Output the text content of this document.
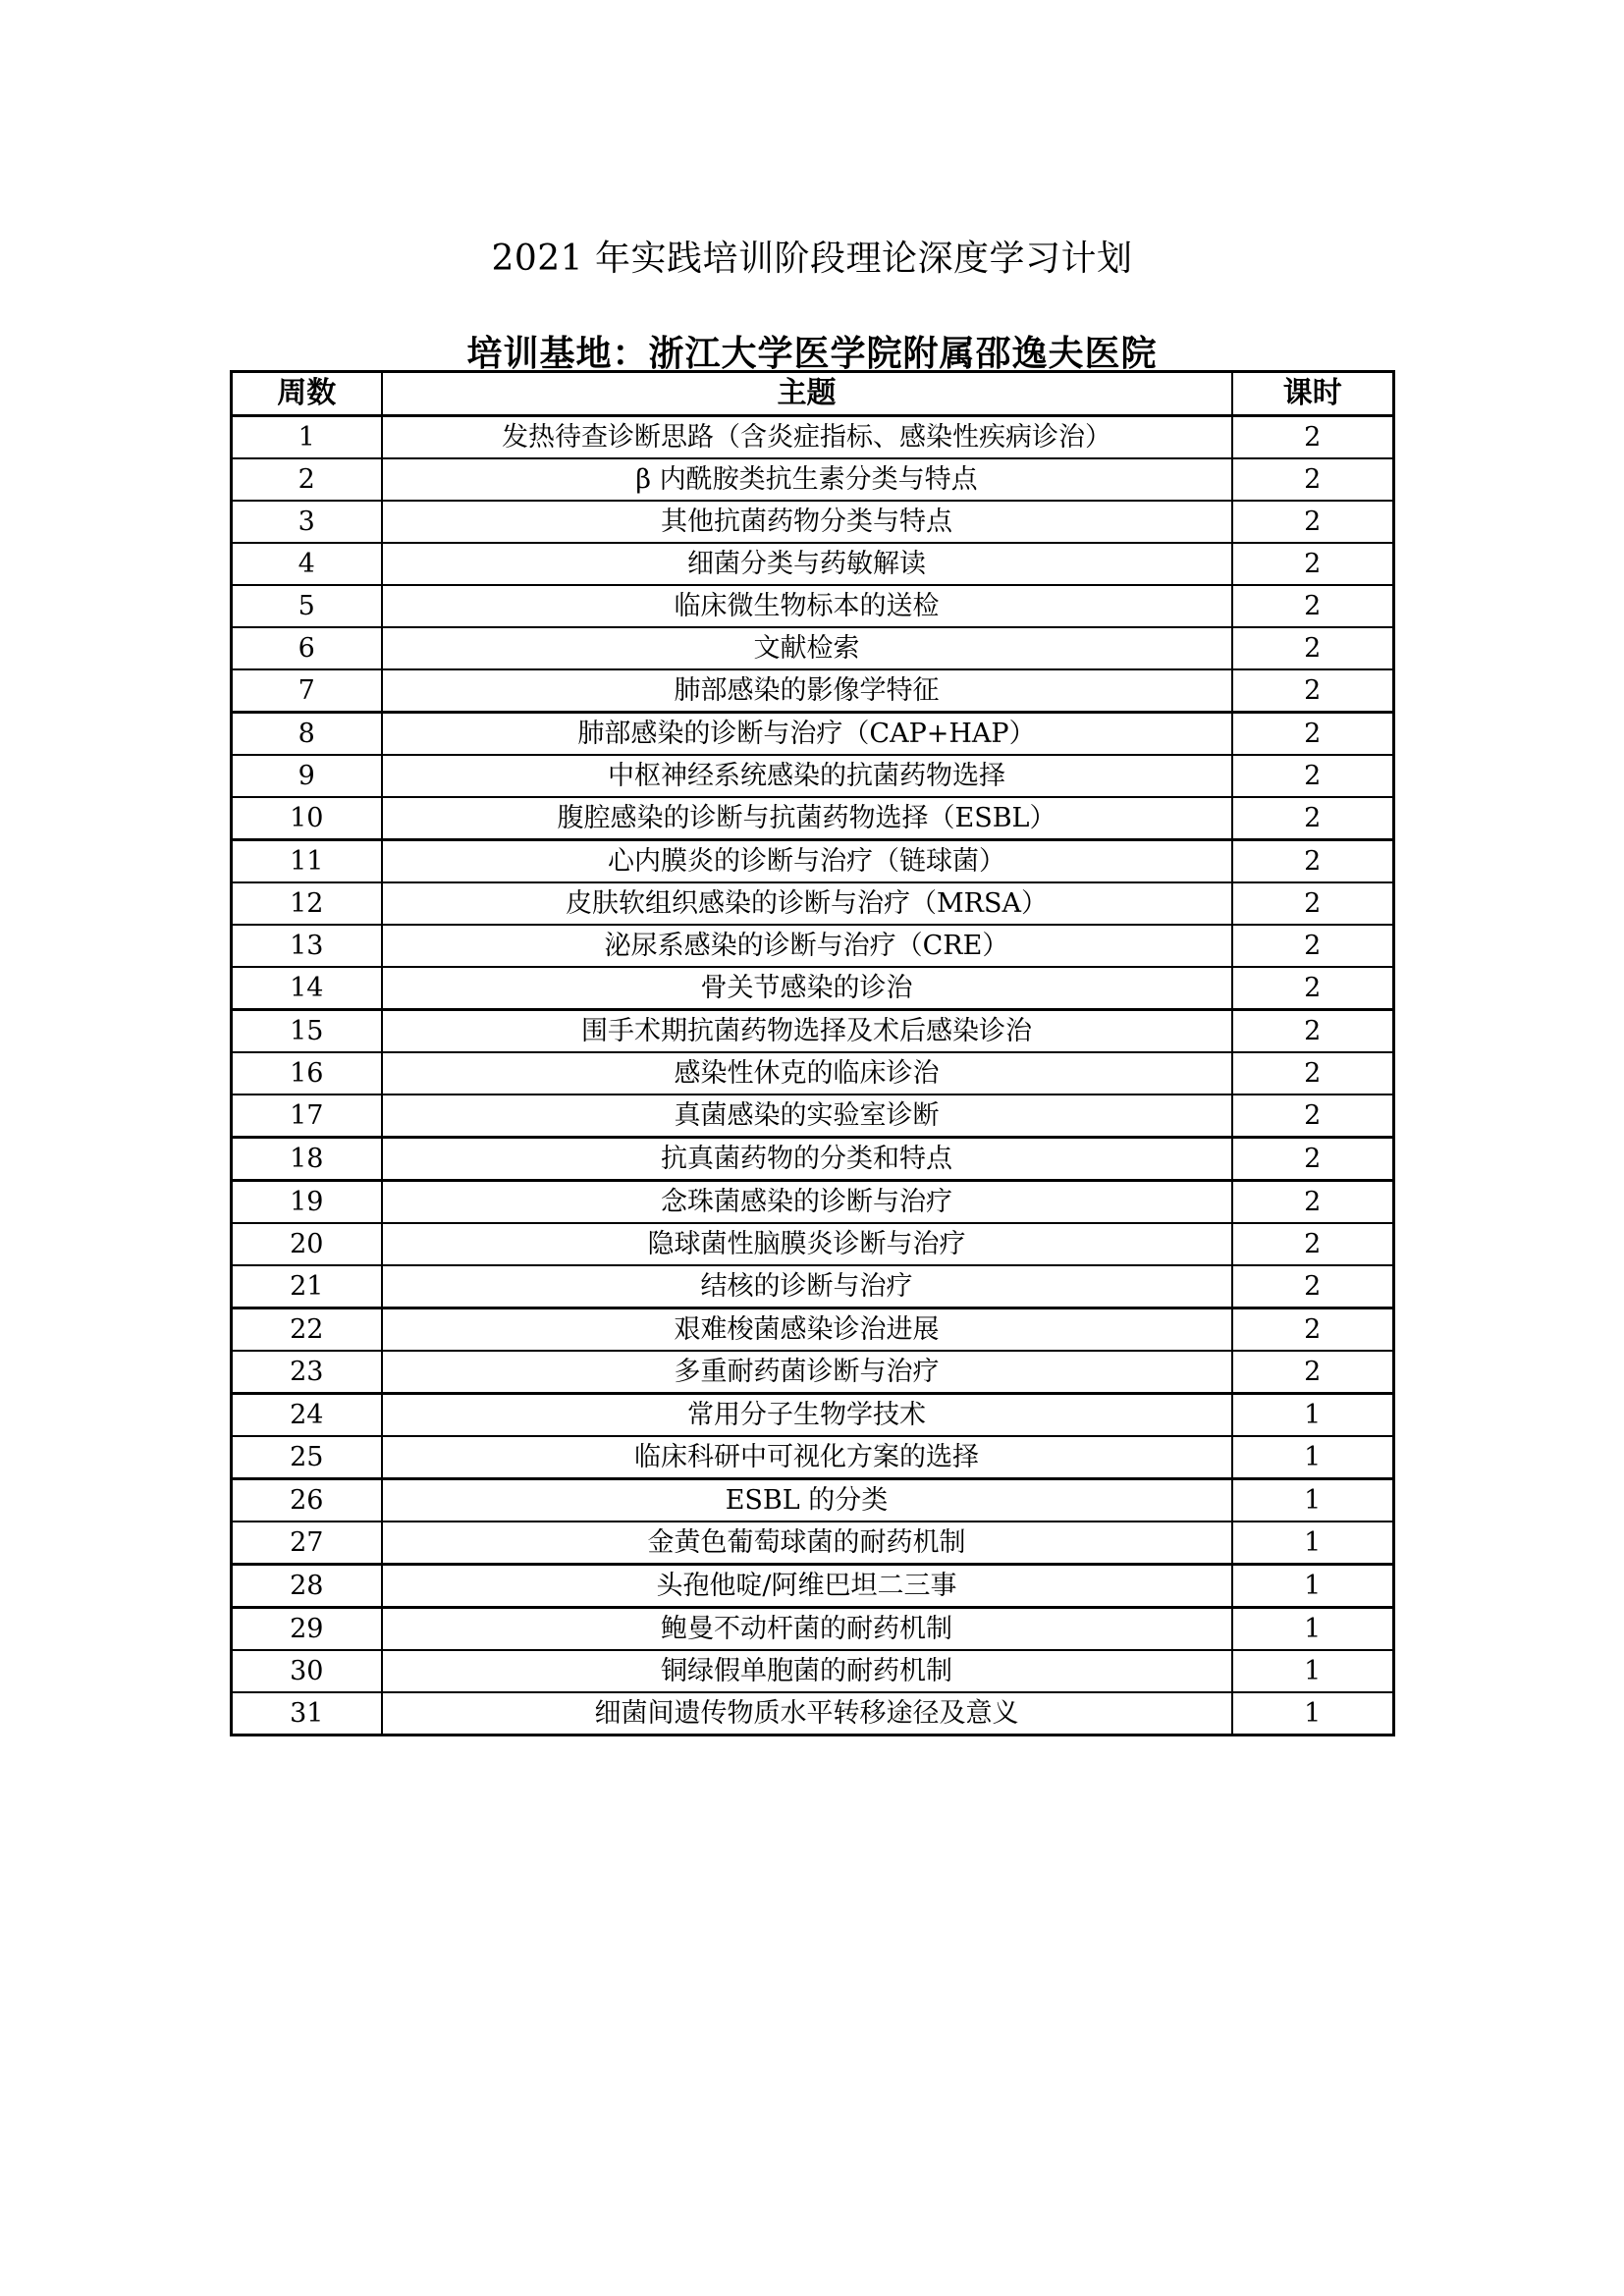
2021 年实践培训阶段理论深度学习计划
培训基地：浙江大学医学院附属邵逸夫医院
周数	主题	课时
1	发热待查诊断思路（含炎症指标、感染性疾病诊治）	2
2	β 内酰胺类抗生素分类与特点	2
3	其他抗菌药物分类与特点	2
4	细菌分类与药敏解读	2
5	临床微生物标本的送检	2
6	文献检索	2
7	肺部感染的影像学特征	2
8	肺部感染的诊断与治疗（CAP+HAP）	2
9	中枢神经系统感染的抗菌药物选择	2
10	腹腔感染的诊断与抗菌药物选择（ESBL）	2
11	心内膜炎的诊断与治疗（链球菌）	2
12	皮肤软组织感染的诊断与治疗（MRSA）	2
13	泌尿系感染的诊断与治疗（CRE）	2
14	骨关节感染的诊治	2
15	围手术期抗菌药物选择及术后感染诊治	2
16	感染性休克的临床诊治	2
17	真菌感染的实验室诊断	2
18	抗真菌药物的分类和特点	2
19	念珠菌感染的诊断与治疗	2
20	隐球菌性脑膜炎诊断与治疗	2
21	结核的诊断与治疗	2
22	艰难梭菌感染诊治进展	2
23	多重耐药菌诊断与治疗	2
24	常用分子生物学技术	1
25	临床科研中可视化方案的选择	1
26	ESBL 的分类	1
27	金黄色葡萄球菌的耐药机制	1
28	头孢他啶/阿维巴坦二三事	1
29	鲍曼不动杆菌的耐药机制	1
30	铜绿假单胞菌的耐药机制	1
31	细菌间遗传物质水平转移途径及意义	1
